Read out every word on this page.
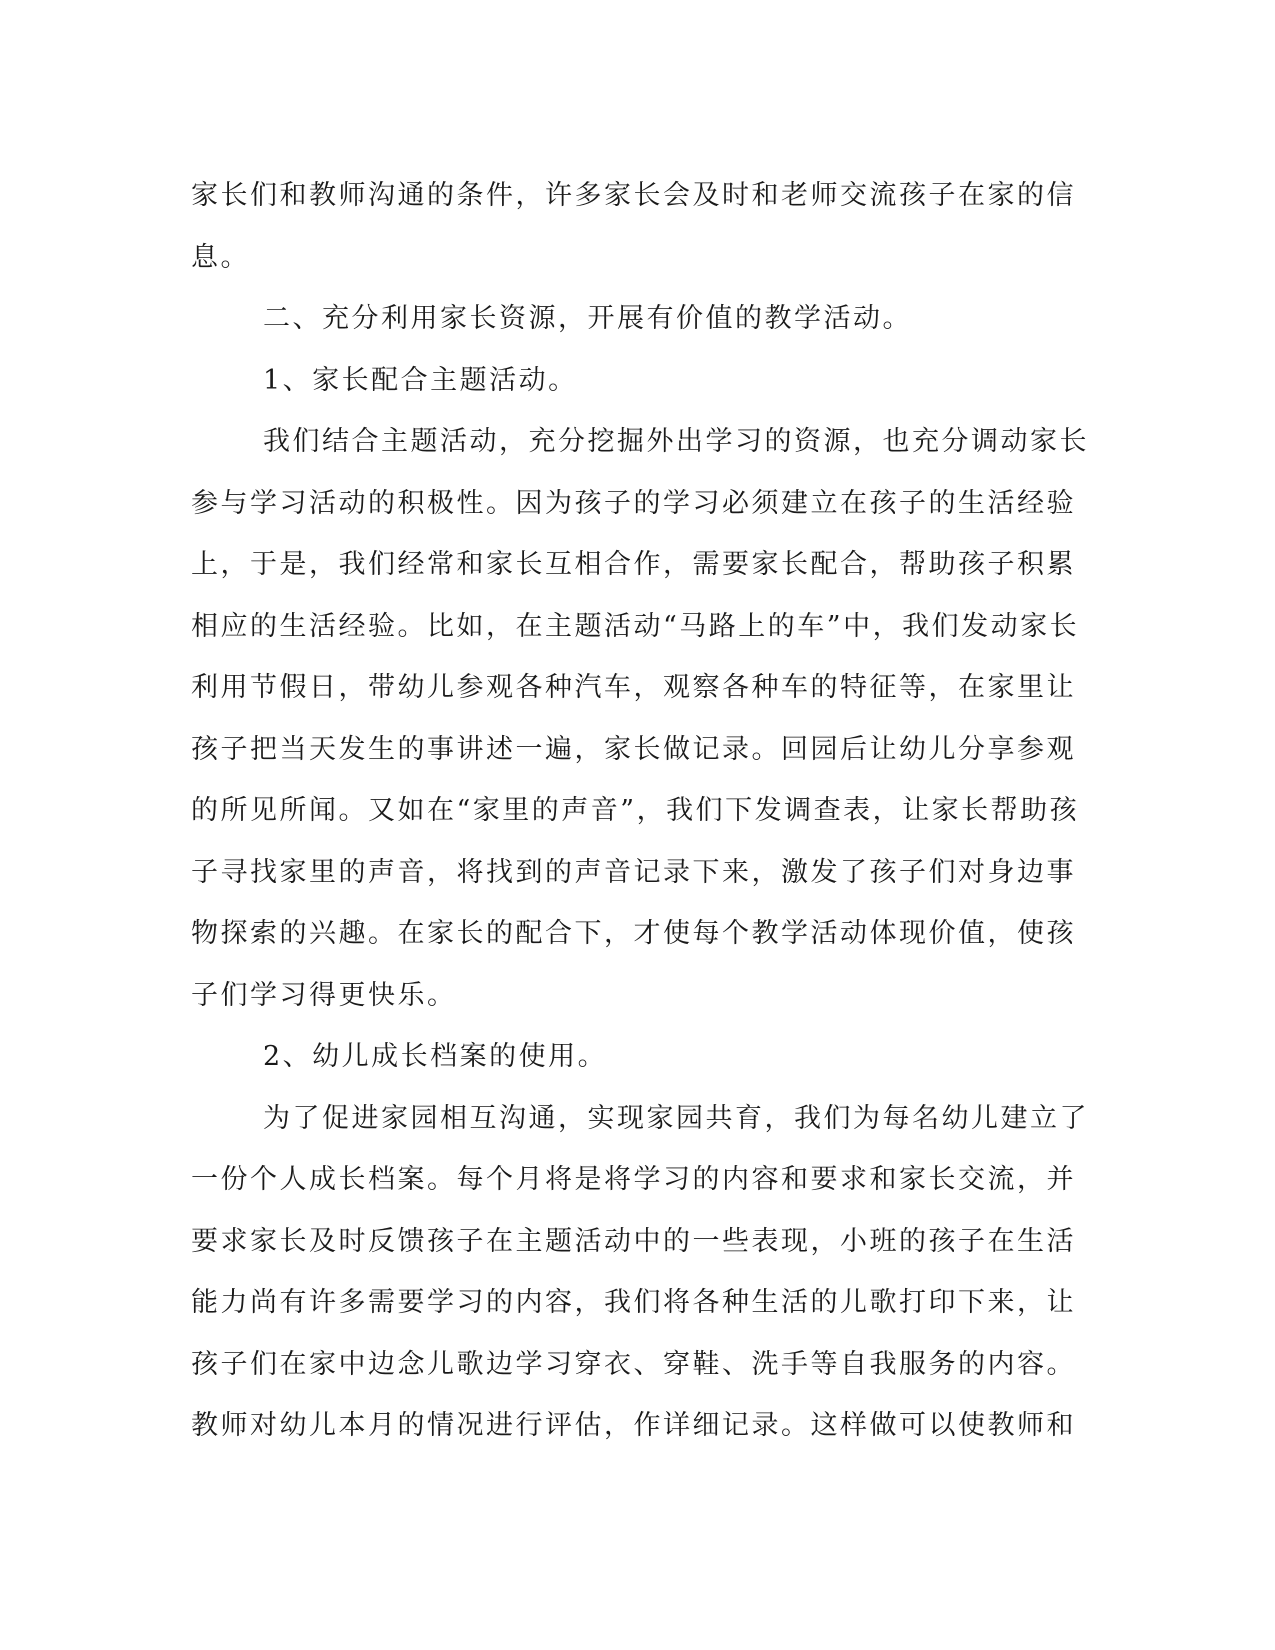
家长们和教师沟通的条件，许多家长会及时和老师交流孩子在家的信
息。
二、充分利用家长资源，开展有价值的教学活动。
1、家长配合主题活动。
我们结合主题活动，充分挖掘外出学习的资源，也充分调动家长
参与学习活动的积极性。因为孩子的学习必须建立在孩子的生活经验
上，于是，我们经常和家长互相合作，需要家长配合，帮助孩子积累
相应的生活经验。比如，在主题活动“马路上的车”中，我们发动家长
利用节假日，带幼儿参观各种汽车，观察各种车的特征等，在家里让
孩子把当天发生的事讲述一遍，家长做记录。回园后让幼儿分享参观
的所见所闻。又如在“家里的声音”，我们下发调查表，让家长帮助孩
子寻找家里的声音，将找到的声音记录下来，激发了孩子们对身边事
物探索的兴趣。在家长的配合下，才使每个教学活动体现价值，使孩
子们学习得更快乐。
2、幼儿成长档案的使用。
为了促进家园相互沟通，实现家园共育，我们为每名幼儿建立了
一份个人成长档案。每个月将是将学习的内容和要求和家长交流，并
要求家长及时反馈孩子在主题活动中的一些表现，小班的孩子在生活
能力尚有许多需要学习的内容，我们将各种生活的儿歌打印下来，让
孩子们在家中边念儿歌边学习穿衣、穿鞋、洗手等自我服务的内容。
教师对幼儿本月的情况进行评估，作详细记录。这样做可以使教师和
